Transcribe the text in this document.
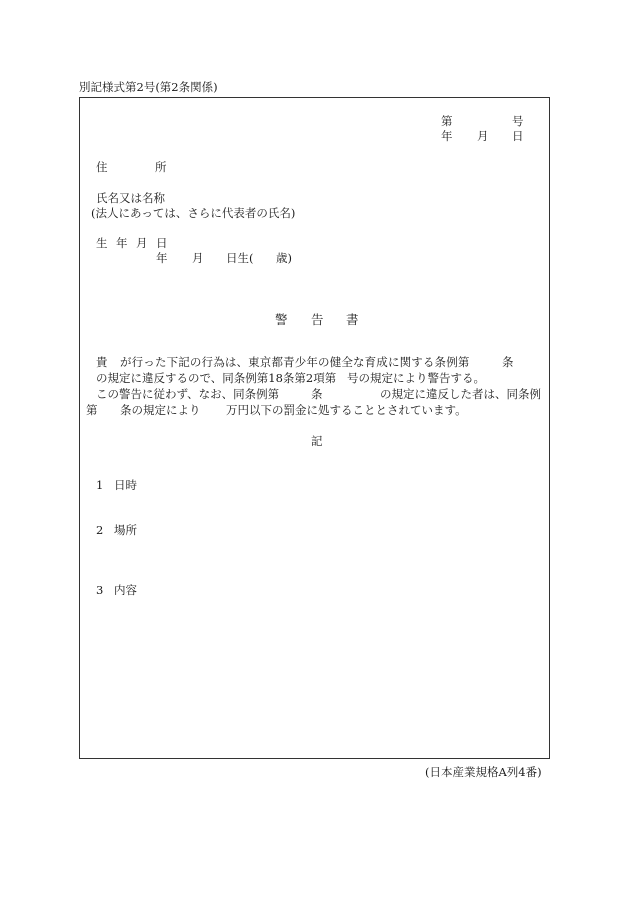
別記様式第2号(第2条関係)
第	号
年 月 日
住	所
氏名又は名称
(法人にあっては、さらに代表者の氏名)
生 年 月 日
年 月 日生( 歳)
警 告 書
貴 が行った下記の行為は、東京都青少年の健全な育成に関する条例第	条
の規定に違反するので、同条例第18条第2項第 号の規定により警告する。
この警告に従わず、なお、同条例第	条	の規定に違反した者は、同条例
第 条の規定により 万円以下の罰金に処することとされています。
記
1 日時
2 場所
3 内容
(日本産業規格A列4番)
